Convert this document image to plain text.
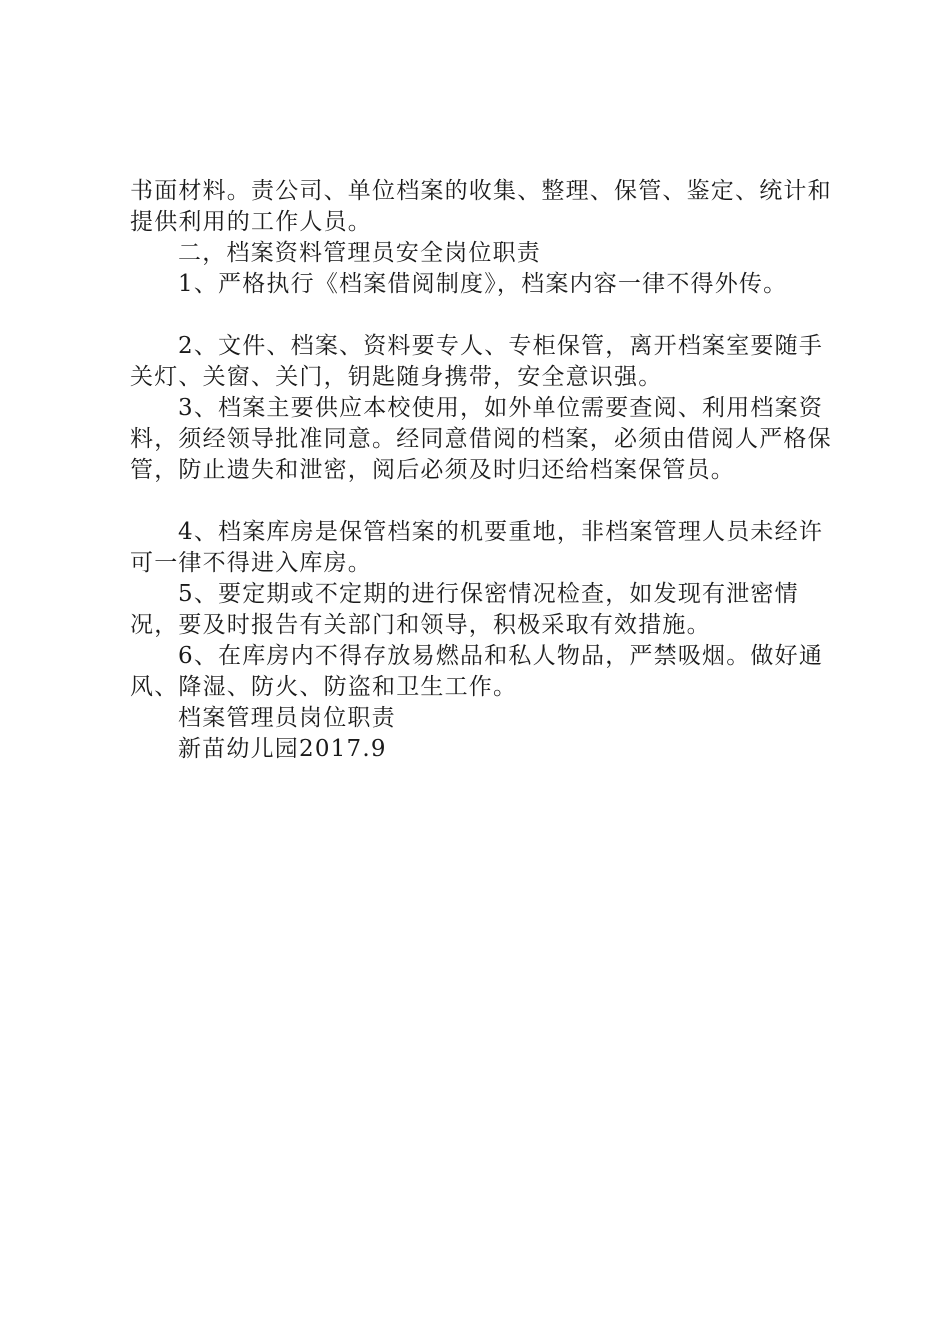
书面材料。责公司、单位档案的收集、整理、保管、鉴定、统计和提供利用的工作人员。

二，档案资料管理员安全岗位职责

1、严格执行《档案借阅制度》，档案内容一律不得外传。

2、文件、档案、资料要专人、专柜保管，离开档案室要随手关灯、关窗、关门，钥匙随身携带，安全意识强。

3、档案主要供应本校使用，如外单位需要查阅、利用档案资料，须经领导批准同意。经同意借阅的档案，必须由借阅人严格保管，防止遗失和泄密，阅后必须及时归还给档案保管员。

4、档案库房是保管档案的机要重地，非档案管理人员未经许可一律不得进入库房。

5、要定期或不定期的进行保密情况检查，如发现有泄密情况，要及时报告有关部门和领导，积极采取有效措施。

6、在库房内不得存放易燃品和私人物品，严禁吸烟。做好通风、降湿、防火、防盗和卫生工作。

档案管理员岗位职责

新苗幼儿园2017.9
